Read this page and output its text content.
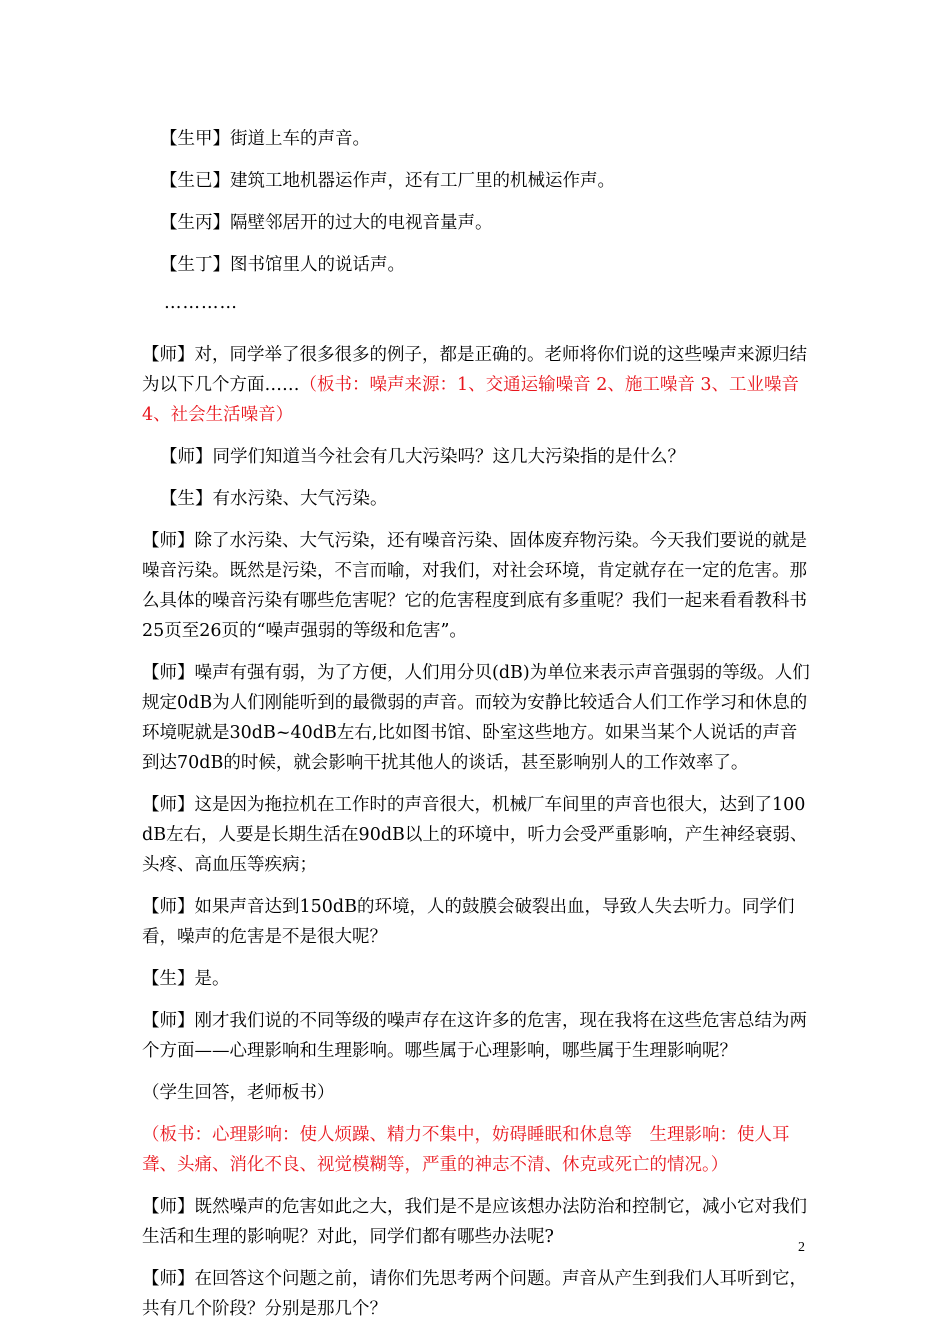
【生甲】街道上车的声音。

【生已】建筑工地机器运作声，还有工厂里的机械运作声。

【生丙】隔壁邻居开的过大的电视音量声。

【生丁】图书馆里人的说话声。

…………

【师】对，同学举了很多很多的例子，都是正确的。老师将你们说的这些噪声来源归结为以下几个方面……（板书：噪声来源：1、交通运输噪音 2、施工噪音 3、工业噪音 4、社会生活噪音）

【师】同学们知道当今社会有几大污染吗？这几大污染指的是什么？

【生】有水污染、大气污染。

【师】除了水污染、大气污染，还有噪音污染、固体废弃物污染。今天我们要说的就是噪音污染。既然是污染，不言而喻，对我们，对社会环境，肯定就存在一定的危害。那么具体的噪音污染有哪些危害呢？它的危害程度到底有多重呢？我们一起来看看教科书25页至26页的“噪声强弱的等级和危害”。

【师】噪声有强有弱，为了方便，人们用分贝(dB)为单位来表示声音强弱的等级。人们规定0dB为人们刚能听到的最微弱的声音。而较为安静比较适合人们工作学习和休息的环境呢就是30dB~40dB左右,比如图书馆、卧室这些地方。如果当某个人说话的声音到达70dB的时候，就会影响干扰其他人的谈话，甚至影响别人的工作效率了。

【师】这是因为拖拉机在工作时的声音很大，机械厂车间里的声音也很大，达到了100dB左右，人要是长期生活在90dB以上的环境中，听力会受严重影响，产生神经衰弱、头疼、高血压等疾病；

【师】如果声音达到150dB的环境，人的鼓膜会破裂出血，导致人失去听力。同学们看，噪声的危害是不是很大呢？

【生】是。

【师】刚才我们说的不同等级的噪声存在这许多的危害，现在我将在这些危害总结为两个方面——心理影响和生理影响。哪些属于心理影响，哪些属于生理影响呢？

（学生回答，老师板书）

（板书：心理影响：使人烦躁、精力不集中，妨碍睡眠和休息等　生理影响：使人耳聋、头痛、消化不良、视觉模糊等，严重的神志不清、休克或死亡的情况。）

【师】既然噪声的危害如此之大，我们是不是应该想办法防治和控制它，减小它对我们生活和生理的影响呢？对此，同学们都有哪些办法呢?

【师】在回答这个问题之前，请你们先思考两个问题。声音从产生到我们人耳听到它，共有几个阶段？分别是那几个？

2
